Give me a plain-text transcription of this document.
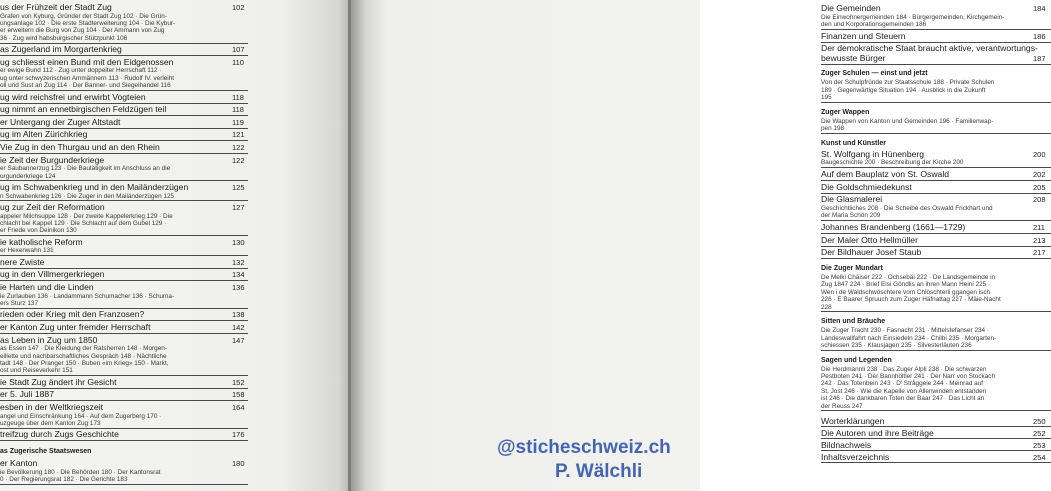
us der Frühzeit der Stadt Zug	102
Grafen von Kyburg, Gründer der Stadt Zug 102 · Die Grün-
ungsanlage 102 · Die erste Stadterweiterung 104 · Die Kybur-
er erweitern die Burg von Zug 104 · Der Ammann von Zug
36 · Zug wird habsburgischer Stützpunkt 106
as Zugerland im Morgartenkrieg	107
ug schliesst einen Bund mit den Eidgenossen	110
er ewige Bund 112 · Zug unter doppelter Herrschaft 112 ·
ug unter schwyzerischen Ammännern 113 · Rudolf IV. verleiht
oll und Sust an Zug 114 · Der Banner- und Siegelhandel 116
ug wird reichsfrei und erwirbt Vogteien	118
ug nimmt an ennetbirgischen Feldzügen teil	118
er Untergang der Zuger Altstadt	119
ug im Alten Zürichkrieg	121
Vie Zug in den Thurgau und an den Rhein	122
ie Zeit der Burgunderkriege	122
er Saubannerzug 123 · Die Bautätigkeit im Anschluss an die
urgunderkriege 124
ug im Schwabenkrieg und in den Mailänderzügen	125
n Schwabenkrieg 126 · Die Zuger in den Mailänderzügen 125
ug zur Zeit der Reformation	127
appeler Milchsuppe 128 · Der zweite Kappelerkrieg 129 · Die
chlacht bei Kappel 129 · Die Schlacht auf dem Gubel 129 ·
er Friede von Deinikon 130
ie katholische Reform	130
er Hexenwahn 131
nere Zwiste	132
ug in den Villmergerkriegen	134
ie Harten und die Linden	136
ie Zurlauben 136 · Landammann Schumacher 136 · Schuma-
ers Sturz 137
rieden oder Krieg mit den Franzosen?	138
er Kanton Zug unter fremder Herrschaft	142
as Leben in Zug um 1850	147
as Essen 147 · Die Kleidung der Ratsherren 148 · Morgen-
eillette und nachbarschaftliches Gespräch 148 · Nächtliche
tadt 148 · Der Pranger 150 · Buben «im Krieg» 150 · Markt,
ost und Reiseverkehr 151
ie Stadt Zug ändert ihr Gesicht	152
er 5. Juli 1887	158
esben in der Weltkriegszeit	164
angel und Einschränkung 164 · Auf dem Zugerberg 170 ·
uzgeuge über dem Kanton Zug 173
treifzug durch Zugs Geschichte	176
as Zugerische Staatswesen
er Kanton	180
ie Bevölkerung 180 · Die Behörden 180 · Der Kantonsrat
0 · Der Regierungsrat 182 · Die Gerichte 183
Die Gemeinden	184
Die Einwohnergemeinden 184 · Bürgergemeinden, Kirchgemein-
den und Korporationsgemeinden 186
Finanzen und Steuern	186
Der demokratische Staat braucht aktive, verantwortungs-
bewusste Bürger	187
Zuger Schulen — einst und jetzt
Von der Schulpfründe zur Staatsschule 188 · Private Schulen
189 · Gegenwärtige Situation 194 · Ausblick in die Zukunft
195
Zuger Wappen
Die Wappen von Kanton und Gemeinden 196 · Familienwap-
pen 198
Kunst und Künstler
St. Wolfgang in Hünenberg	200
Baugeschichte 200 · Beschreibung der Kirche 200
Auf dem Bauplatz von St. Oswald	202
Die Goldschmiedekunst	205
Die Glasmalerei	208
Geschichtliches 208 · Die Scheibe des Oswald Frickhart und
der Maria Schön 209
Johannes Brandenberg (1661—1729)	211
Der Maler Otto Hellmüller	213
Der Bildhauer Josef Staub	217
Die Zuger Mundart
De Melki Chäiser 222 · Ochsebäi 222 · De Landsgemeinde in
Zug 1847 224 · Brief Elsi Göndlis an ihren Mann Heini 225 ·
Wen i de Waldschwöschtere vom Chlöschterli ggangen isch
226 · E Baarer Spruuch zum Zuger Häfnattag 227 · Mäie-Nacht
228
Sitten und Bräuche
Die Zuger Tracht 230 · Fasnacht 231 · Mittelstefanser 234 ·
Landeswallfahrt nach Einsiedeln 234 · Chilbi 235 · Morgarten-
schiessen 235 · Klausjagen 235 · Silvesterläuten 236
Sagen und Legenden
Die Herdmannli 238 · Das Zuger Alpli 238 · Die schwarzen
Pestboten 241 · Der Bannhöltler 241 · Der Narr von Stockach
242 · Das Totenbein 243 · D' Stråggele 244 · Meinrad auf
St. Jost 246 · Wie die Kapelle von Allenwinden entstanden
ist 246 · Die dankbaren Toten der Baar 247 · Das Licht an
der Reuss 247
Worterklärungen	250
Die Autoren und ihre Beiträge	252
Bildnachweis	253
Inhaltsverzeichnis	254
@sticheschweiz.ch
P. Wälchli
